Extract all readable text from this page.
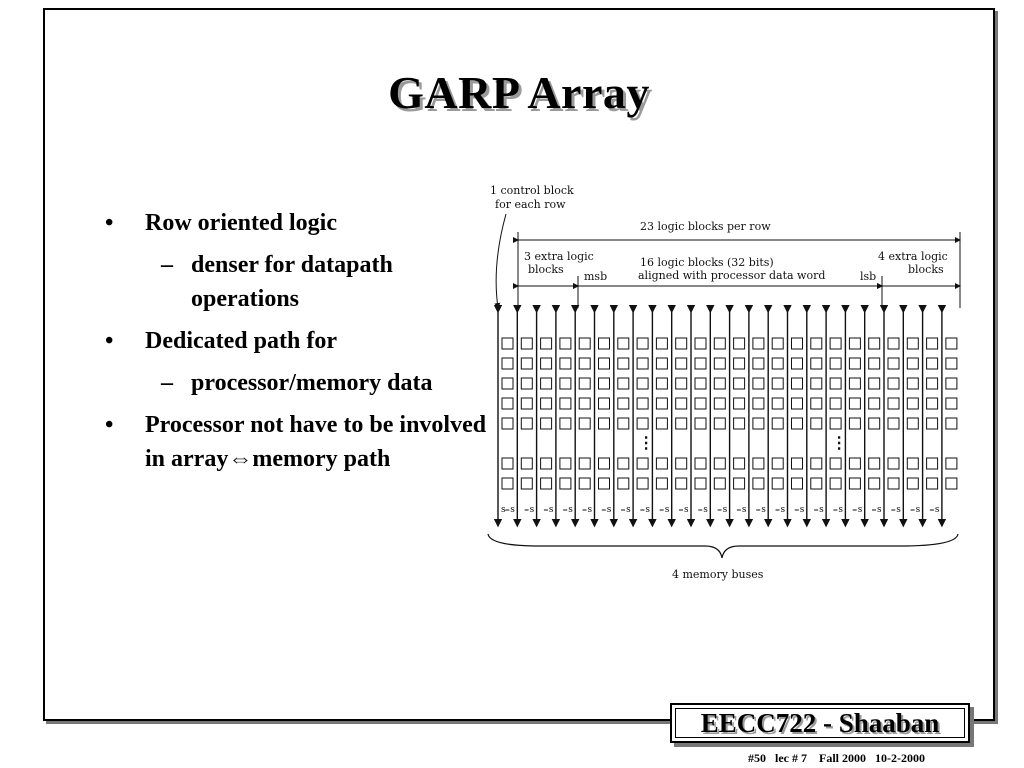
GARP Array
• Row oriented logic
– denser for datapath operations
• Dedicated path for
– processor/memory data
• Processor not have to be involved in array⇔memory path
1 control block
for each row
23 logic blocks per row
3 extra logic
blocks
msb
16 logic blocks (32 bits)
aligned with processor data word	lsb
4 extra logic
blocks
s s s s s s s s s s s s s s s s s s s s s s s s
⋮	⋮
4 memory buses
EECC722 - Shaaban
#50   lec # 7    Fall 2000   10-2-2000
